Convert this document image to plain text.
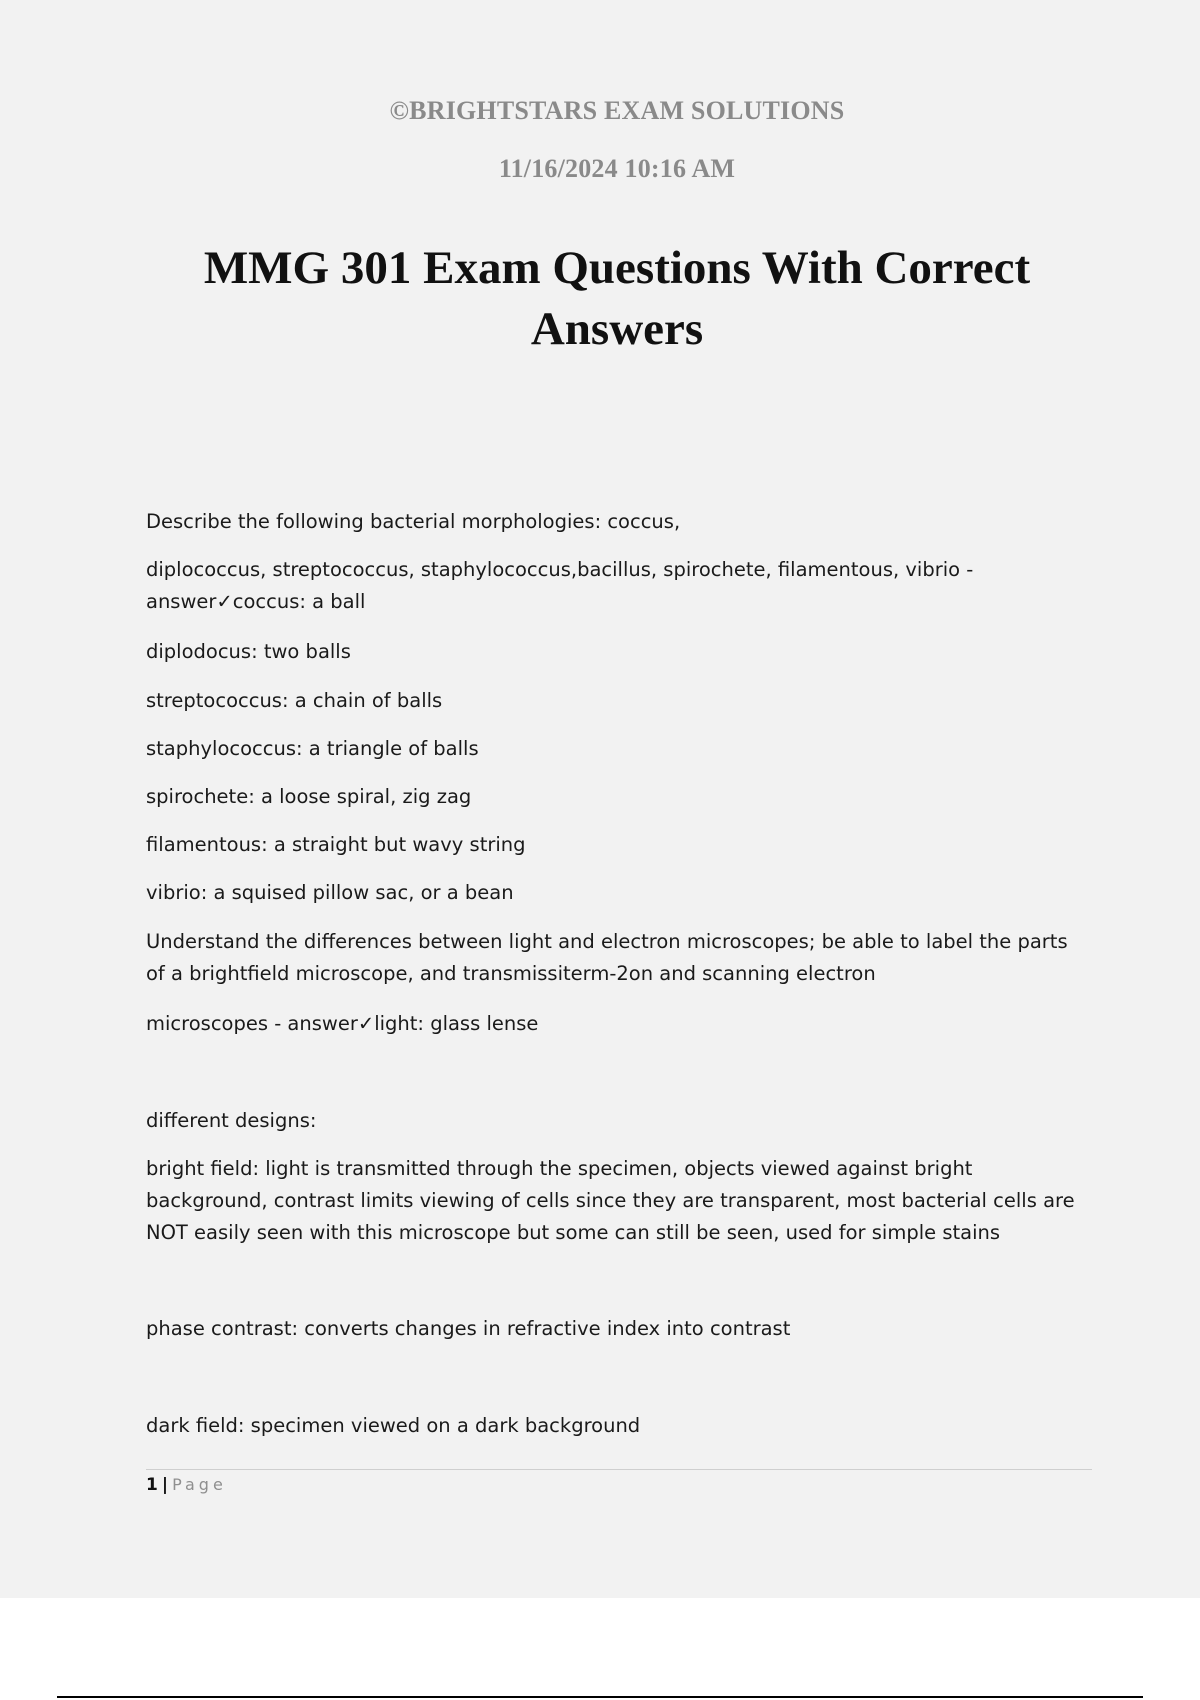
©BRIGHTSTARS EXAM SOLUTIONS
11/16/2024 10:16 AM
MMG 301 Exam Questions With Correct Answers

Describe the following bacterial morphologies: coccus,

diplococcus, streptococcus, staphylococcus,bacillus, spirochete, filamentous, vibrio - answer✓coccus: a ball

diplodocus: two balls

streptococcus: a chain of balls

staphylococcus: a triangle of balls

spirochete: a loose spiral, zig zag

filamentous: a straight but wavy string

vibrio: a squised pillow sac, or a bean

Understand the differences between light and electron microscopes; be able to label the parts of a brightfield microscope, and transmissiterm-2on and scanning electron

microscopes - answer✓light: glass lense

different designs:

bright field: light is transmitted through the specimen, objects viewed against bright background, contrast limits viewing of cells since they are transparent, most bacterial cells are NOT easily seen with this microscope but some can still be seen, used for simple stains

phase contrast: converts changes in refractive index into contrast

dark field: specimen viewed on a dark background

1 | Page
